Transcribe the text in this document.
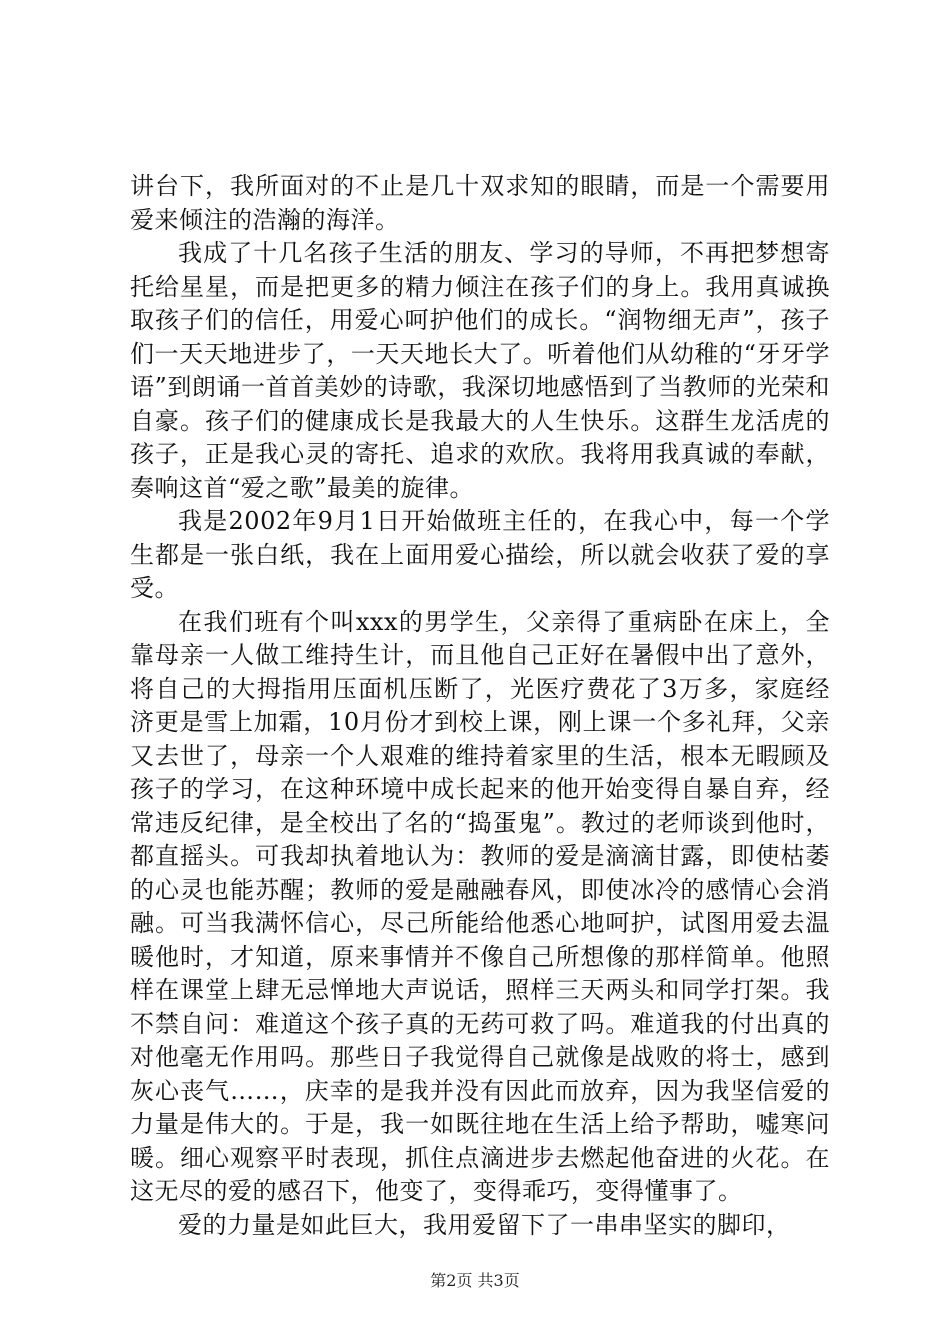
讲台下，我所面对的不止是几十双求知的眼睛，而是一个需要用爱来倾注的浩瀚的海洋。

我成了十几名孩子生活的朋友、学习的导师，不再把梦想寄托给星星，而是把更多的精力倾注在孩子们的身上。我用真诚换取孩子们的信任，用爱心呵护他们的成长。“润物细无声”，孩子们一天天地进步了，一天天地长大了。听着他们从幼稚的“牙牙学语”到朗诵一首首美妙的诗歌，我深切地感悟到了当教师的光荣和自豪。孩子们的健康成长是我最大的人生快乐。这群生龙活虎的孩子，正是我心灵的寄托、追求的欢欣。我将用我真诚的奉献，奏响这首“爱之歌”最美的旋律。

我是2002年9月1日开始做班主任的，在我心中，每一个学生都是一张白纸，我在上面用爱心描绘，所以就会收获了爱的享受。

在我们班有个叫xxx的男学生，父亲得了重病卧在床上，全靠母亲一人做工维持生计，而且他自己正好在暑假中出了意外，将自己的大拇指用压面机压断了，光医疗费花了3万多，家庭经济更是雪上加霜，10月份才到校上课，刚上课一个多礼拜，父亲又去世了，母亲一个人艰难的维持着家里的生活，根本无暇顾及孩子的学习，在这种环境中成长起来的他开始变得自暴自弃，经常违反纪律，是全校出了名的“捣蛋鬼”。教过的老师谈到他时，都直摇头。可我却执着地认为：教师的爱是滴滴甘露，即使枯萎的心灵也能苏醒；教师的爱是融融春风，即使冰冷的感情心会消融。可当我满怀信心，尽己所能给他悉心地呵护，试图用爱去温暖他时，才知道，原来事情并不像自己所想像的那样简单。他照样在课堂上肆无忌惮地大声说话，照样三天两头和同学打架。我不禁自问：难道这个孩子真的无药可救了吗。难道我的付出真的对他毫无作用吗。那些日子我觉得自己就像是战败的将士，感到灰心丧气……，庆幸的是我并没有因此而放弃，因为我坚信爱的力量是伟大的。于是，我一如既往地在生活上给予帮助，嘘寒问暖。细心观察平时表现，抓住点滴进步去燃起他奋进的火花。在这无尽的爱的感召下，他变了，变得乖巧，变得懂事了。

爱的力量是如此巨大，我用爱留下了一串串坚实的脚印，

第2页 共3页
